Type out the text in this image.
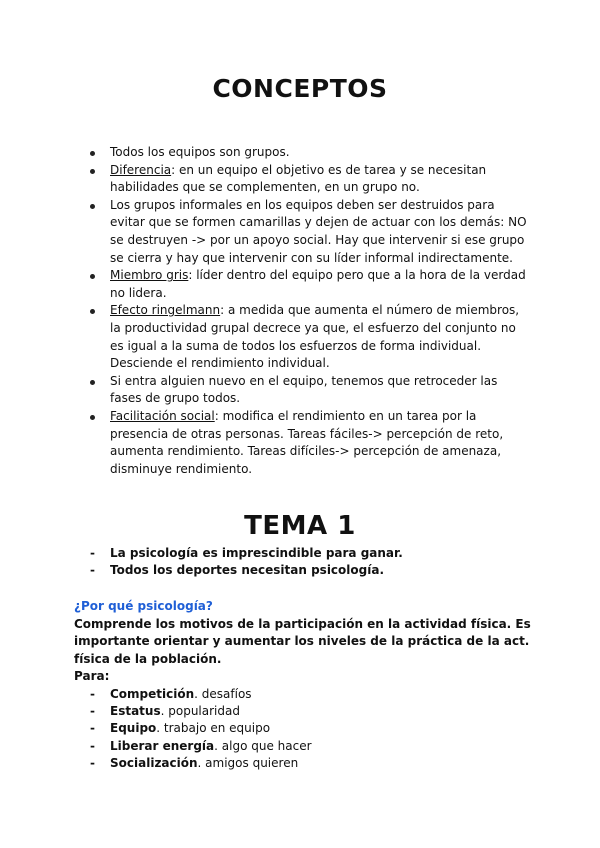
CONCEPTOS
Todos los equipos son grupos.
Diferencia: en un equipo el objetivo es de tarea y se necesitan habilidades que se complementen, en un grupo no.
Los grupos informales en los equipos deben ser destruidos para evitar que se formen camarillas y dejen de actuar con los demás: NO se destruyen -> por un apoyo social. Hay que intervenir si ese grupo se cierra y hay que intervenir con su líder informal indirectamente.
Miembro gris: líder dentro del equipo pero que a la hora de la verdad no lidera.
Efecto ringelmann: a medida que aumenta el número de miembros, la productividad grupal decrece ya que, el esfuerzo del conjunto no es igual a la suma de todos los esfuerzos de forma individual. Desciende el rendimiento individual.
Si entra alguien nuevo en el equipo, tenemos que retroceder las fases de grupo todos.
Facilitación social: modifica el rendimiento en un tarea por la presencia de otras personas. Tareas fáciles-> percepción de reto, aumenta rendimiento. Tareas difíciles-> percepción de amenaza, disminuye rendimiento.
TEMA 1
- La psicología es imprescindible para ganar.
- Todos los deportes necesitan psicología.

¿Por qué psicología?

Comprende los motivos de la participación en la actividad física. Es importante orientar y aumentar los niveles de la práctica de la act. física de la población.

Para:

- Competición. desafíos
- Estatus. popularidad
- Equipo. trabajo en equipo
- Liberar energía. algo que hacer
- Socialización. amigos quieren
